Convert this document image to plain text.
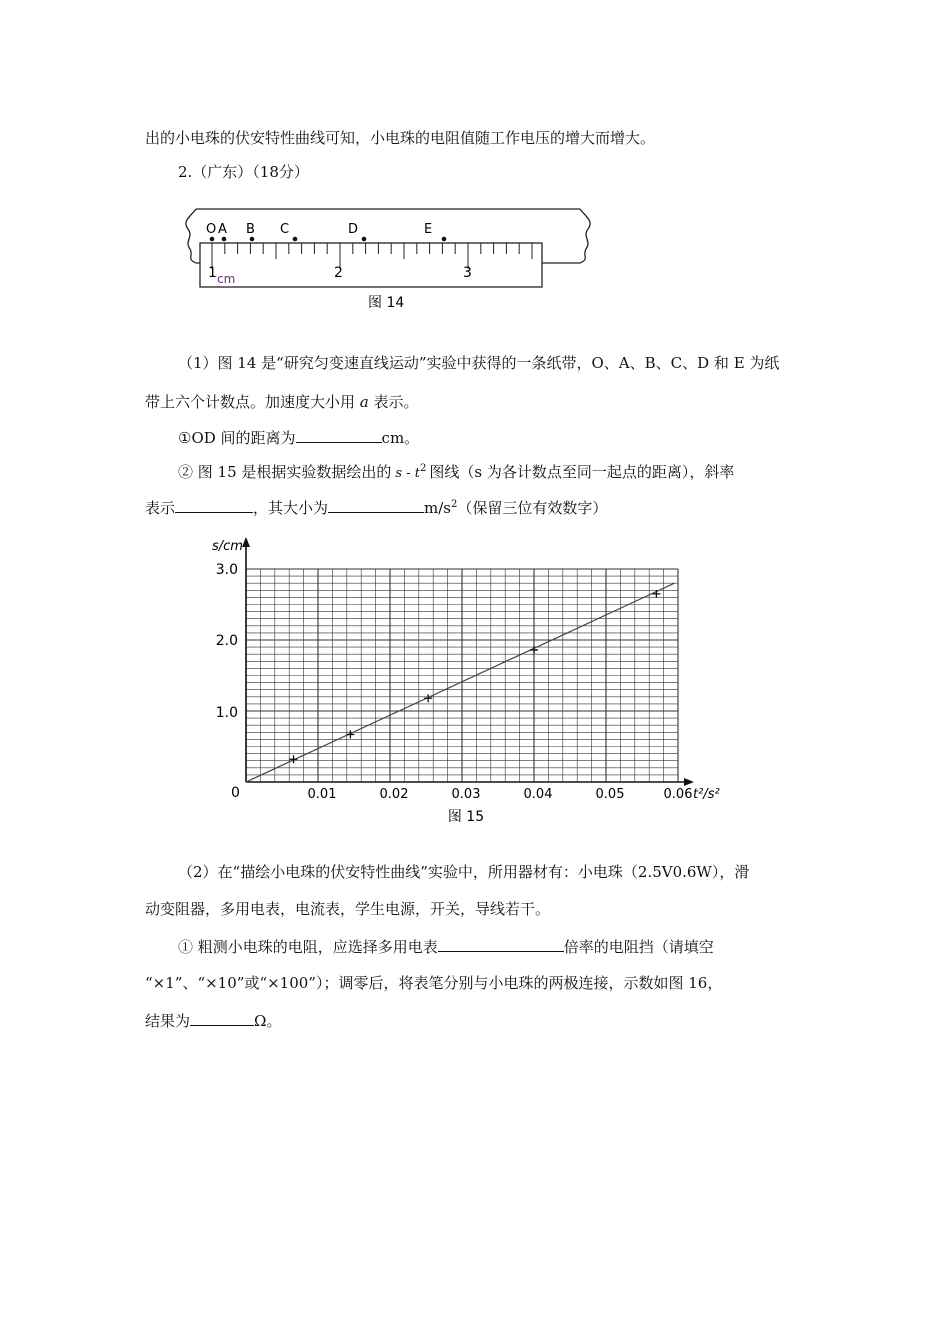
出的小电珠的伏安特性曲线可知，小电珠的电阻值随工作电压的增大而增大。
2.（广东）（18分）
O A B C	D	E
1 cm	2	3
图 14
（1）图 14 是“研究匀变速直线运动”实验中获得的一条纸带，O、A、B、C、D 和 E 为纸
带上六个计数点。加速度大小用 a 表示。
①OD 间的距离为	cm。
② 图 15 是根据实验数据绘出的 s - $t^2$ 图线（s 为各计数点至同一起点的距离），斜率
表示	，其大小为	$m/s^2$（保留三位有效数字）
s/cm
t²/s²
0	0.01	0.02	0.03	0.04	0.05	0.06
1.0
2.0
3.0
图 15
（2）在“描绘小电珠的伏安特性曲线”实验中，所用器材有：小电珠（2.5V0.6W），滑
动变阻器，多用电表，电流表，学生电源，开关，导线若干。
① 粗测小电珠的电阻，应选择多用电表	倍率的电阻挡（请填空
“×1”、“×10”或“×100”）；调零后，将表笔分别与小电珠的两极连接，示数如图 16，
结果为	Ω。
